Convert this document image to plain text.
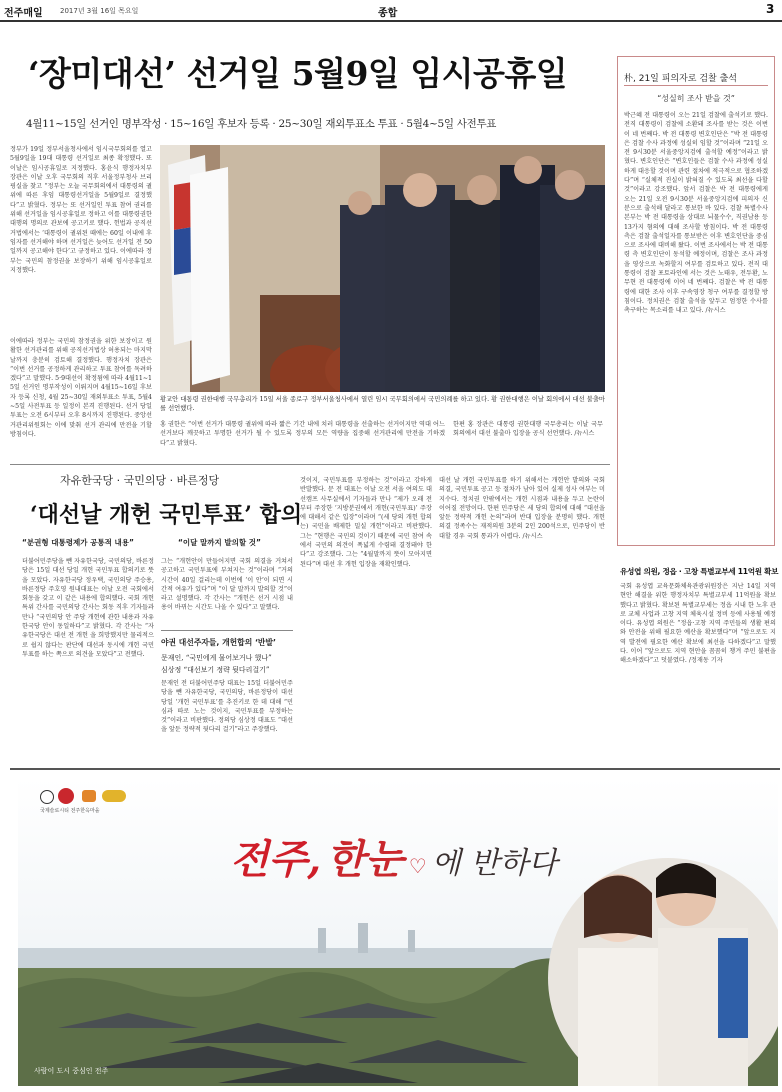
전주매일 2017년 3월 16일 목요일	종합	3
‘장미대선’ 선거일 5월9일 임시공휴일
4월11~15일 선거인 명부작성 · 15~16일 후보자 등록 · 25~30일 재외투표소 투표 · 5월4~5일 사전투표
정부가 19일 정부서울청사에서 임시국무회의를 열고 5월9일을 19대 대통령 선거일로 최종 확정했다. 또 이날은 임시공휴일로 지정했다. 홍윤식 행정자치부 장관은 이날 오후 국무회의 직후 서울정부청사 브리핑실을 찾고 “정부는 오늘 국무회의에서 대통령의 궐위에 따른 후임 대통령선거일을 5월9일로 결정했다”고 밝혔다. 정부는 또 선거일인 투표 참여 권리를 위해 선거일을 임시공휴일로 정하고 이를 대통령권한대행의 명의로 관보에 공고키로 했다. 헌법과 공직선거법에서는 ‘대통령이 궐위된 때에는 60일 이내에 후임자를 선거해야 하며 선거일은 늦어도 선거일 전 50일까지 공고해야 한다’고 규정하고 있다. 이에따라 정부는 국민의 참정권을 보장하기 위해 임시공휴일로 지정했다.
이에따라 정부는 국민의 참정권을 위한 보장이고 원활한 선거관리를 위해 공직선거법상 허용되는 마지막날까지 충분히 검토해 결정했다. 행정자치 장관은 “이번 선거를 공정하게 관리하고 투표 참여를 독려하겠다”고 말했다. 5·9대선이 확정됨에 따라 4월11~15일 선거인 명부작성이 이뤄지며 4월15~16일 후보자 등록 신청, 4월 25~30일 재외투표소 투표, 5월4~5일 사전투표 등 일정이 본격 진행된다. 선거 당일 투표는 오전 6시부터 오후 8시까지 진행된다. 중앙선거관리위원회는 이에 맞춰 선거 관리에 만전을 기할 방침이다.
황교안 대통령 권한대행 국무총리가 15일 서울 종로구 정부서울청사에서 열린 임시 국무회의에서 국민의례를 하고 있다. 황 권한대행은 이날 회의에서 대선 불출마를 선언했다.
홍 권한은 “이번 선거가 대통령 궐위에 따라 짧은 기간 내에 치러 대통령을 선출하는 선거이지만 역대 어느 선거보다 깨끗하고 투명한 선거가 될 수 있도록 정부의 모든 역량을 집중해 선거관리에 만전을 기하겠다”고 밝혔다.
한편 홍 장관은 대통령 권한대행 국무총리는 이날 국무회의에서 대선 불출마 입장을 공식 선언했다. /뉴시스
朴, 21일 피의자로 검찰 출석
“성실히 조사 받을 것”
박근혜 전 대통령이 오는 21일 검찰에 출석키로 했다. 전직 대통령이 검찰에 소환돼 조사를 받는 것은 이번이 네 번째다. 박 전 대통령 변호인단은 “박 전 대통령은 검찰 수사 과정에 성실히 임할 것”이라며 “21일 오전 9시30분 서울중앙지검에 출석할 예정”이라고 밝혔다. 변호인단은 “변호인들은 검찰 수사 과정에 성실하게 대응할 것이며 관련 절차에 적극적으로 협조하겠다”며 “실체적 진실이 밝혀질 수 있도록 최선을 다할 것”이라고 강조했다. 앞서 검찰은 박 전 대통령에게 오는 21일 오전 9시30분 서울중앙지검에 피의자 신분으로 출석해 달라고 통보한 바 있다. 검찰 특별수사본부는 박 전 대통령을 상대로 뇌물수수, 직권남용 등 13가지 혐의에 대해 조사할 방침이다. 박 전 대통령 측은 검찰 출석일자를 통보받은 이후 변호인단을 중심으로 조사에 대비해 왔다. 이번 조사에서는 박 전 대통령 측 변호인단이 동석할 예정이며, 검찰은 조사 과정을 영상으로 녹화할지 여부를 검토하고 있다. 전직 대통령이 검찰 포토라인에 서는 것은 노태우, 전두환, 노무현 전 대통령에 이어 네 번째다. 검찰은 박 전 대통령에 대한 조사 이후 구속영장 청구 여부를 결정할 방침이다. 정치권은 검찰 출석을 앞두고 엄정한 수사를 촉구하는 목소리를 내고 있다. /뉴시스
자유한국당 · 국민의당 · 바른정당
‘대선날 개헌 국민투표’ 합의
“분권형 대통령제가 공통적 내용”	“이달 말까지 발의할 것”
더불어민주당을 뺀 자유한국당, 국민의당, 바른정당은 15일 대선 당일 개헌 국민투표 합의키로 뜻을 모았다. 자유한국당 정우택, 국민의당 주승용, 바른정당 주호영 원내대표는 이날 오전 국회에서 회동을 갖고 이 같은 내용에 합의했다. 국회 개헌특위 간사를 국민의당 간사는 회동 직후 기자들과 만나 “국민의당 안 주당 개헌에 관한 내용과 자유한국당 안이 동일하다”고 밝혔다. 각 간사는 “자유한국당은 대선 전 개헌 을 희망했지만 물리적으로 쉽지 않다는 판단에 대선과 동시에 개헌 국민투표를 하는 쪽으로 의견을 모았다”고 전했다.
그는 “개헌안이 만들어지면 국회 의결을 거쳐서 공고하고 국민투표에 부쳐지는 것”이라며 “거의 시간이 40일 걸리는데 이번에 ‘이 안’이 되면 시간적 여유가 있다”며 “이 달 말까지 발의할 것”이라고 설명했다. 각 간사는 “개헌은 선거 시점 내용이 바뀌는 시간도 나올 수 있다”고 말했다.
야권 대선주자들, 개헌합의 ‘반발’
문재인, “국민에게 물어보거나 했나”
심상정 “대선보기 정략 뒷다리걸기”
문재인 전 더불어민주당 대표는 15일 더불어민주당을 뺀 자유한국당, 국민의당, 바른정당이 대선 당일 ‘개헌 국민투표’를 추진키로 한 데 대해 “민심과 따로 노는 것이지, 국민투표를 부정하는 것”이라고 비판했다. 정의당 심상정 대표도 “대선을 앞둔 정략적 뒷다리 걸기”라고 주장했다.
것이지, 국민투표를 부정하는 것”이라고 강하게 반발했다. 문 전 대표는 이날 오전 서울 여의도 대선캠프 사무실에서 기자들과 만나 “제가 오래 전부터 주장한 ‘지방분권에서 개헌(국민투표)’ 주장에 대해서 같은 입장”이라며 “(세 당의 개헌 합의는) 국민을 배제한 밀실 개헌”이라고 비판했다. 그는 “현행은 국민의 것이기 때문에 국민 참여 속에서 국민의 의견이 폭넓게 수렴돼 결정돼야 한다”고 강조했다. 그는 “4월말까지 뜻이 모아지면 된다”며 대선 후 개헌 입장을 재확인했다.
대선 날 개헌 국민투표를 하기 위해서는 개헌안 발의와 국회 의결, 국민투표 공고 등 절차가 남아 있어 실제 성사 여부는 미지수다. 정치권 안팎에서는 개헌 시점과 내용을 두고 논란이 이어질 전망이다. 한편 민주당은 세 당의 합의에 대해 “대선을 앞둔 정략적 개헌 논의”라며 반대 입장을 분명히 했다. 개헌 의결 정족수는 재적의원 3분의 2인 200석으로, 민주당이 반대할 경우 국회 통과가 어렵다. /뉴시스
유성엽 의원, 정읍 · 고창 특별교부세 11억원 확보
국회 유성엽 교육문화체육관광위원장은 지난 14일 지역 현안 해결을 위한 행정자치부 특별교부세 11억원을 확보했다고 밝혔다. 확보된 특별교부세는 정읍 시내 한 노후 관로 교체 사업과 고창 지역 체육시설 정비 등에 사용될 예정이다. 유성엽 의원은 “정읍·고창 지역 주민들의 생활 편의와 안전을 위해 필요한 예산을 확보했다”며 “앞으로도 지역 발전에 필요한 예산 확보에 최선을 다하겠다”고 말했다. 이어 “앞으로도 지역 현안을 꼼꼼히 챙겨 주민 불편을 해소하겠다”고 덧붙였다. /정재동 기자
국제슬로시티 전주한옥마을
전주, 한눈 ♡ 에 반하다
사람이 도시 중심인 전주
